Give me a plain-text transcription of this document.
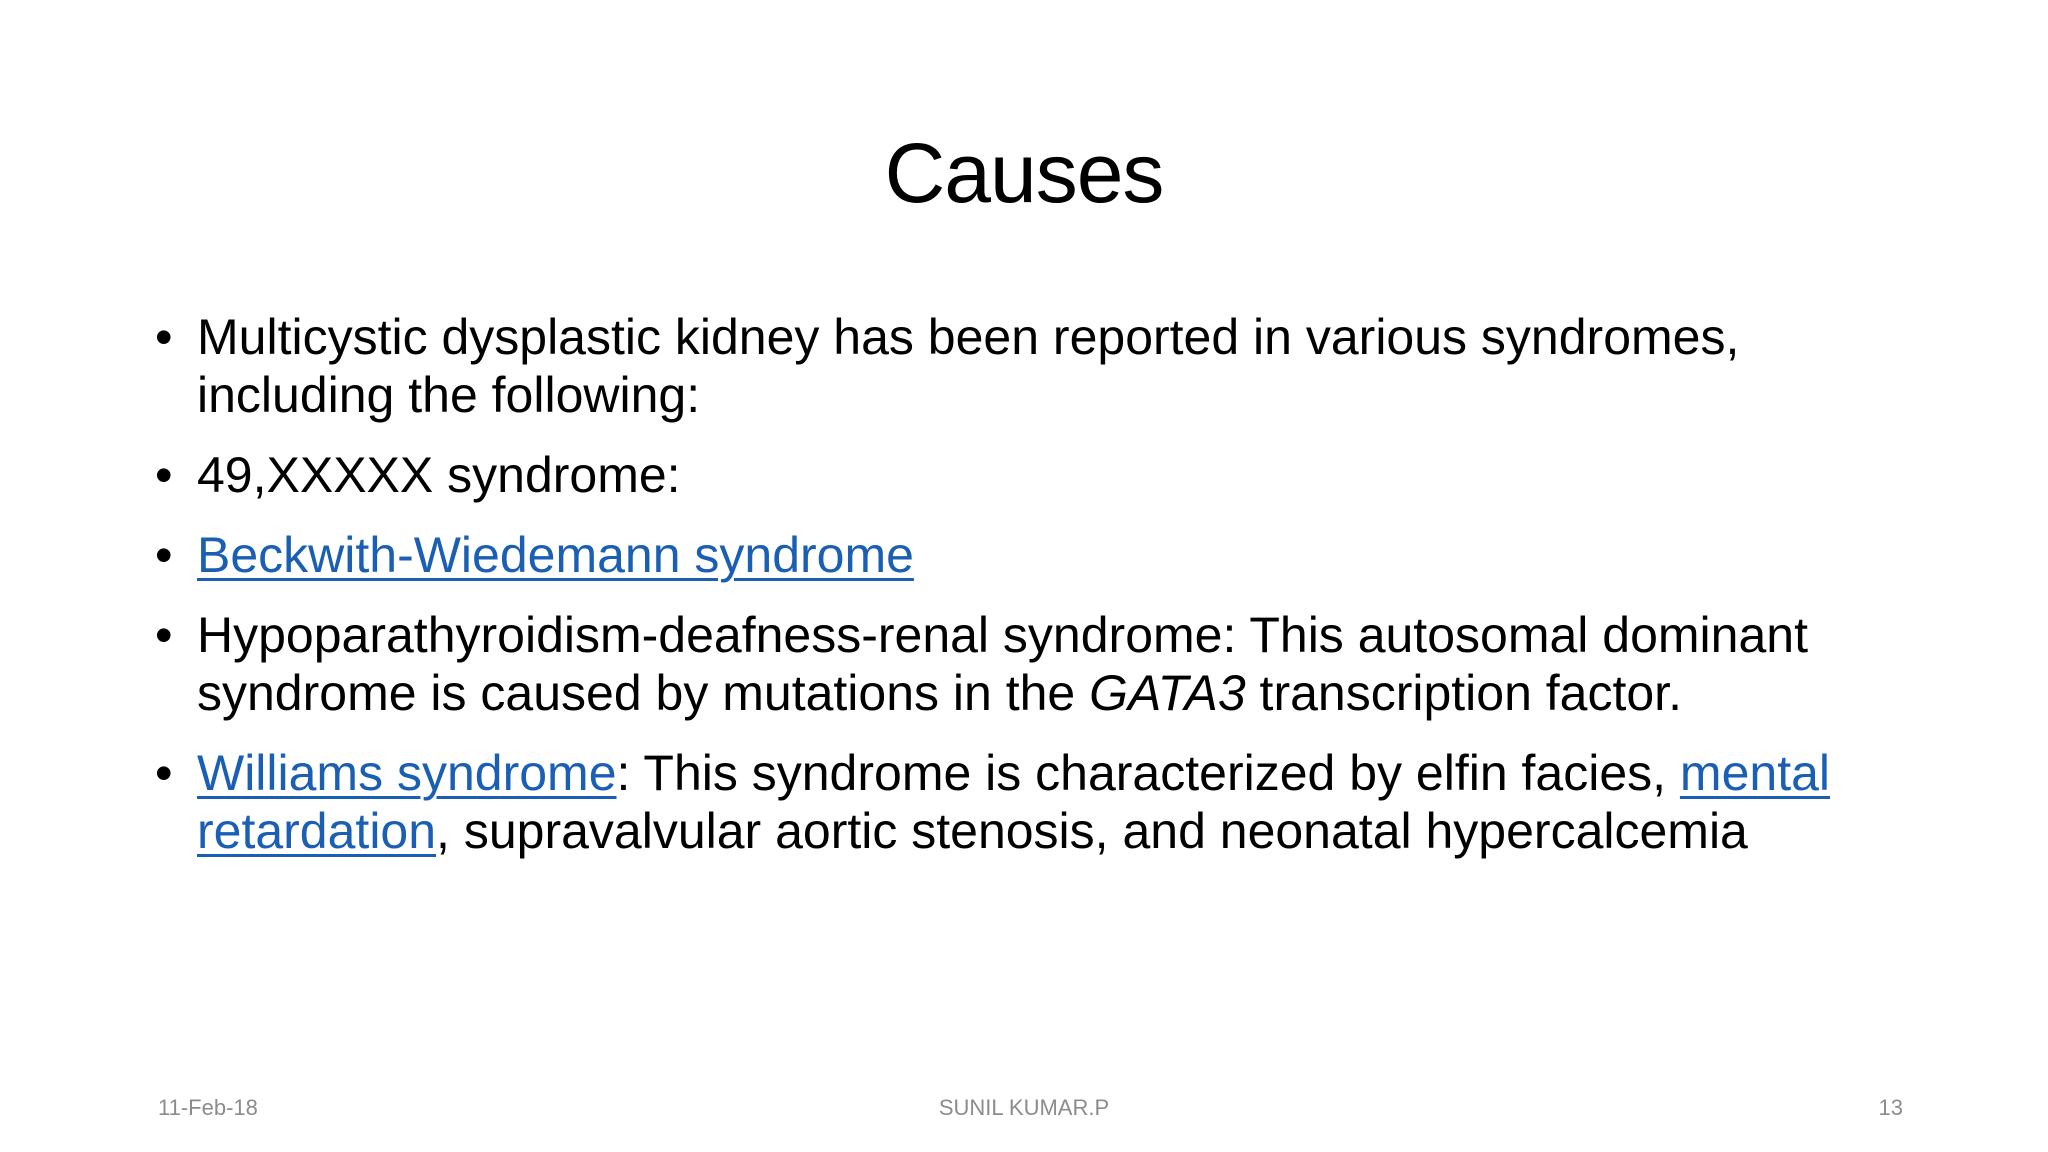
Causes
• Multicystic dysplastic kidney has been reported in various syndromes, including the following:
• 49,XXXXX syndrome:
• Beckwith-Wiedemann syndrome
• Hypoparathyroidism-deafness-renal syndrome: This autosomal dominant syndrome is caused by mutations in the GATA3 transcription factor.
• Williams syndrome: This syndrome is characterized by elfin facies, mental retardation, supravalvular aortic stenosis, and neonatal hypercalcemia
11-Feb-18	SUNIL KUMAR.P	13
